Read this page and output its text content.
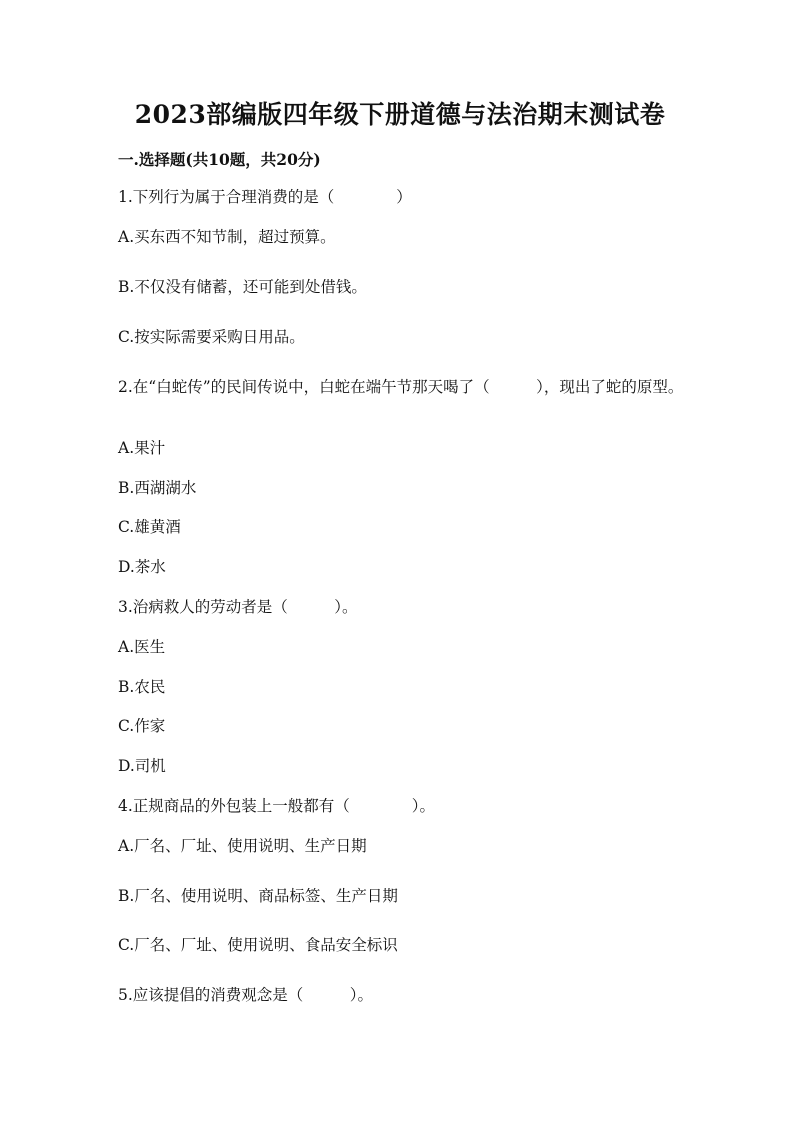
2023部编版四年级下册道德与法治期末测试卷
一.选择题(共10题，共20分)
1.下列行为属于合理消费的是（　　　　）
A.买东西不知节制，超过预算。
B.不仅没有储蓄，还可能到处借钱。
C.按实际需要采购日用品。
2.在“白蛇传”的民间传说中，白蛇在端午节那天喝了（　　　），现出了蛇的原型。
A.果汁
B.西湖湖水
C.雄黄酒
D.茶水
3.治病救人的劳动者是（　　　）。
A.医生
B.农民
C.作家
D.司机
4.正规商品的外包装上一般都有（　　　　）。
A.厂名、厂址、使用说明、生产日期
B.厂名、使用说明、商品标签、生产日期
C.厂名、厂址、使用说明、食品安全标识
5.应该提倡的消费观念是（　　　）。
